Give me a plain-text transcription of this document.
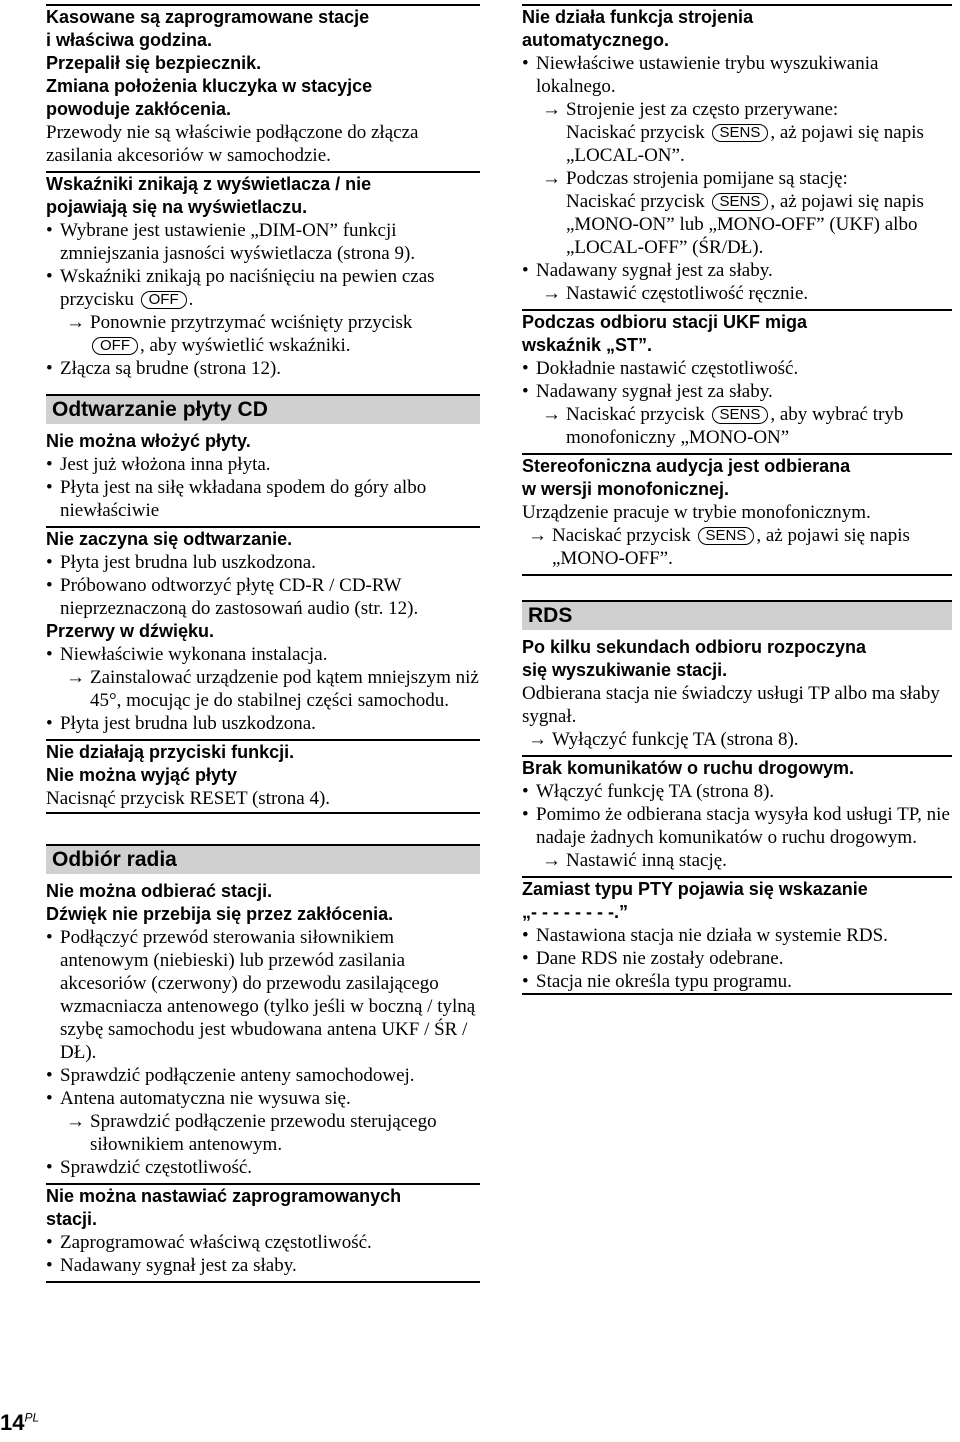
Kasowane są zaprogramowane stacje
i właściwa godzina.
Przepalił się bezpiecznik.
Zmiana położenia kluczyka w stacyjce
powoduje zakłócenia.
Przewody nie są właściwie podłączone do złącza zasilania akcesoriów w samochodzie.
Wskaźniki znikają z wyświetlacza / nie
pojawiają się na wyświetlaczu.
• Wybrane jest ustawienie „DIM-ON” funkcji zmniejszania jasności wyświetlacza (strona 9).
• Wskaźniki znikają po naciśnięciu na pewien czas przycisku OFF .
→ Ponownie przytrzymać wciśnięty przycisk
OFF , aby wyświetlić wskaźniki.
• Złącza są brudne (strona 12).
Odtwarzanie płyty CD
Nie można włożyć płyty.
• Jest już włożona inna płyta.
• Płyta jest na siłę wkładana spodem do góry albo niewłaściwie
Nie zaczyna się odtwarzanie.
• Płyta jest brudna lub uszkodzona.
• Próbowano odtworzyć płytę CD-R / CD-RW nieprzeznaczoną do zastosowań audio (str. 12).
Przerwy w dźwięku.
• Niewłaściwie wykonana instalacja.
→ Zainstalować urządzenie pod kątem mniejszym niż 45°, mocując je do stabilnej części samochodu.
• Płyta jest brudna lub uszkodzona.
Nie działają przyciski funkcji.
Nie można wyjąć płyty
Nacisnąć przycisk RESET (strona 4).
Odbiór radia
Nie można odbierać stacji.
Dźwięk nie przebija się przez zakłócenia.
• Podłączyć przewód sterowania siłownikiem antenowym (niebieski) lub przewód zasilania akcesoriów (czerwony) do przewodu zasilającego wzmacniacza antenowego (tylko jeśli w boczną / tylną szybę samochodu jest wbudowana antena UKF / ŚR / DŁ).
• Sprawdzić podłączenie anteny samochodowej.
• Antena automatyczna nie wysuwa się.
→ Sprawdzić podłączenie przewodu sterującego siłownikiem antenowym.
• Sprawdzić częstotliwość.
Nie można nastawiać zaprogramowanych
stacji.
• Zaprogramować właściwą częstotliwość.
• Nadawany sygnał jest za słaby.
Nie działa funkcja strojenia
automatycznego.
• Niewłaściwe ustawienie trybu wyszukiwania lokalnego.
→ Strojenie jest za często przerywane:
Naciskać przycisk SENS , aż pojawi się napis „LOCAL-ON”.
→ Podczas strojenia pomijane są stację:
Naciskać przycisk SENS , aż pojawi się napis „MONO-ON” lub „MONO-OFF” (UKF) albo „LOCAL-OFF” (ŚR/DŁ).
• Nadawany sygnał jest za słaby.
→ Nastawić częstotliwość ręcznie.
Podczas odbioru stacji UKF miga
wskaźnik „ST”.
• Dokładnie nastawić częstotliwość.
• Nadawany sygnał jest za słaby.
→ Naciskać przycisk SENS , aby wybrać tryb monofoniczny „MONO-ON”
Stereofoniczna audycja jest odbierana
w wersji monofonicznej.
Urządzenie pracuje w trybie monofonicznym.
→ Naciskać przycisk SENS , aż pojawi się napis „MONO-OFF”.
RDS
Po kilku sekundach odbioru rozpoczyna
się wyszukiwanie stacji.
Odbierana stacja nie świadczy usługi TP albo ma słaby sygnał.
→ Wyłączyć funkcję TA (strona 8).
Brak komunikatów o ruchu drogowym.
• Włączyć funkcję TA (strona 8).
• Pomimo że odbierana stacja wysyła kod usługi TP, nie nadaje żadnych komunikatów o ruchu drogowym.
→ Nastawić inną stację.
Zamiast typu PTY pojawia się wskazanie
„- - - - - - - -.”
• Nastawiona stacja nie działa w systemie RDS.
• Dane RDS nie zostały odebrane.
• Stacja nie określa typu programu.
$14^{PL}$
